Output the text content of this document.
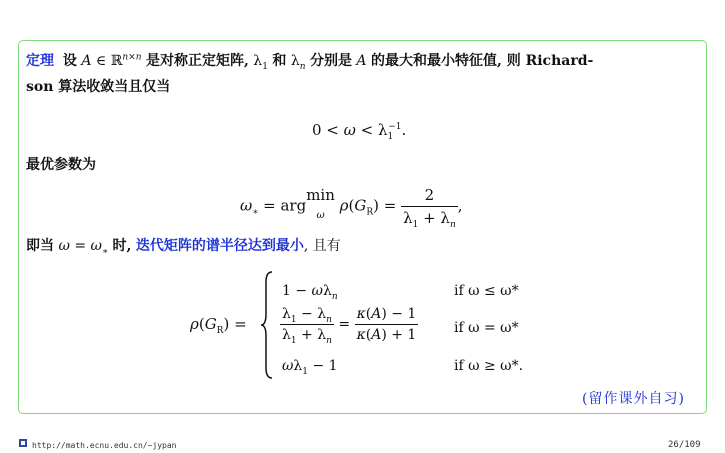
定理 设 A ∈ ℝ$^{n\times n}$ 是对称正定矩阵, $\lambda_1$ 和 $\lambda_n$ 分别是 A 的最大和最小特征值, 则 Richard-
son 算法收敛当且仅当
$0 < \omega < \lambda_1^{-1}$.
最优参数为
$\omega_∗ = argmin$
ω $\rho(G_R) = \frac{2}{\lambda_1 + \lambda_n}$ ,
即当 $\omega = \omega_∗$ 时, 迭代矩阵的谱半径达到最小, 且有
$\rho(G_R)$ =
$1 - \omega\lambda_n$	if ω ≤ ω*
$\frac{\lambda_1 - \lambda_n}{\lambda_1 + \lambda_n} = \frac{\kappa(A) - 1}{\kappa(A) + 1}$	if ω = ω*
$\omega\lambda_1 - 1$	if ω ≥ ω*.
(留作课外自习)
http://math.ecnu.edu.cn/~jypan	26/109
